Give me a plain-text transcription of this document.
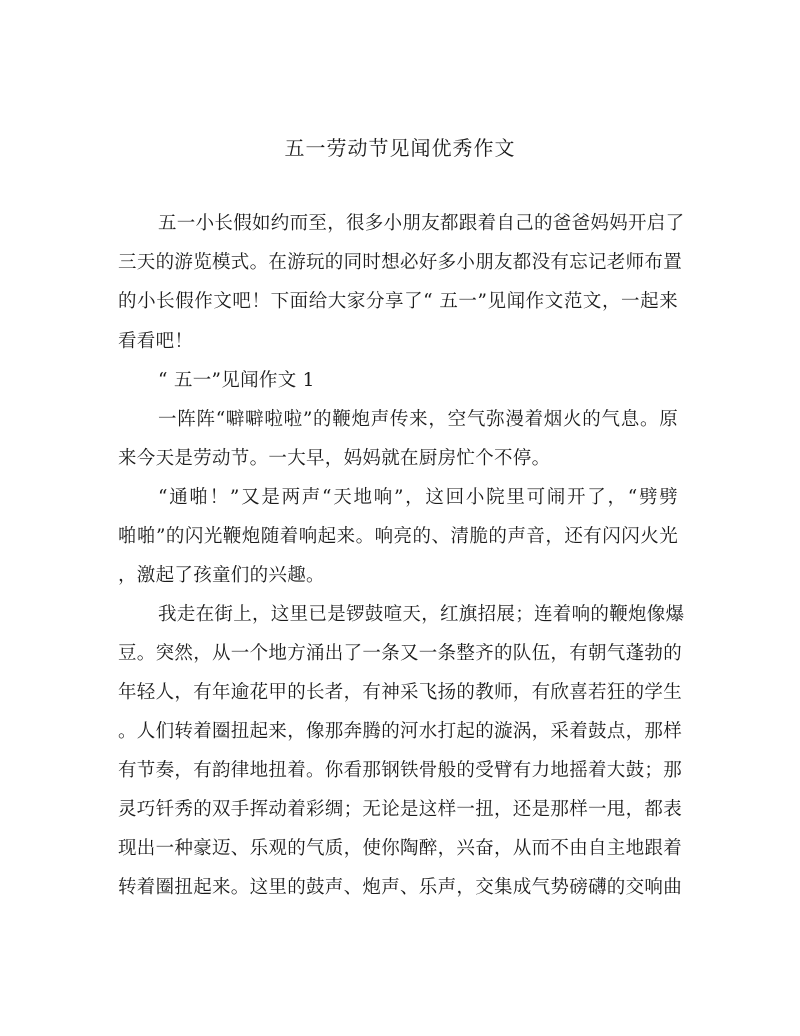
五一劳动节见闻优秀作文
五一小长假如约而至，很多小朋友都跟着自己的爸爸妈妈开启了
三天的游览模式。在游玩的同时想必好多小朋友都没有忘记老师布置
的小长假作文吧！下面给大家分享了“ 五一”见闻作文范文，一起来
看看吧！
“ 五一”见闻作文 1
一阵阵“噼噼啦啦”的鞭炮声传来，空气弥漫着烟火的气息。原
来今天是劳动节。一大早，妈妈就在厨房忙个不停。
“通啪！”又是两声“天地响”，这回小院里可闹开了，“劈劈
啪啪”的闪光鞭炮随着响起来。响亮的、清脆的声音，还有闪闪火光
，激起了孩童们的兴趣。
我走在街上，这里已是锣鼓喧天，红旗招展；连着响的鞭炮像爆
豆。突然，从一个地方涌出了一条又一条整齐的队伍，有朝气蓬勃的
年轻人，有年逾花甲的长者，有神采飞扬的教师，有欣喜若狂的学生
。人们转着圈扭起来，像那奔腾的河水打起的漩涡，采着鼓点，那样
有节奏，有韵律地扭着。你看那钢铁骨般的受臂有力地摇着大鼓；那
灵巧钎秀的双手挥动着彩绸；无论是这样一扭，还是那样一甩，都表
现出一种豪迈、乐观的气质，使你陶醉，兴奋，从而不由自主地跟着
转着圈扭起来。这里的鼓声、炮声、乐声，交集成气势磅礴的交响曲
